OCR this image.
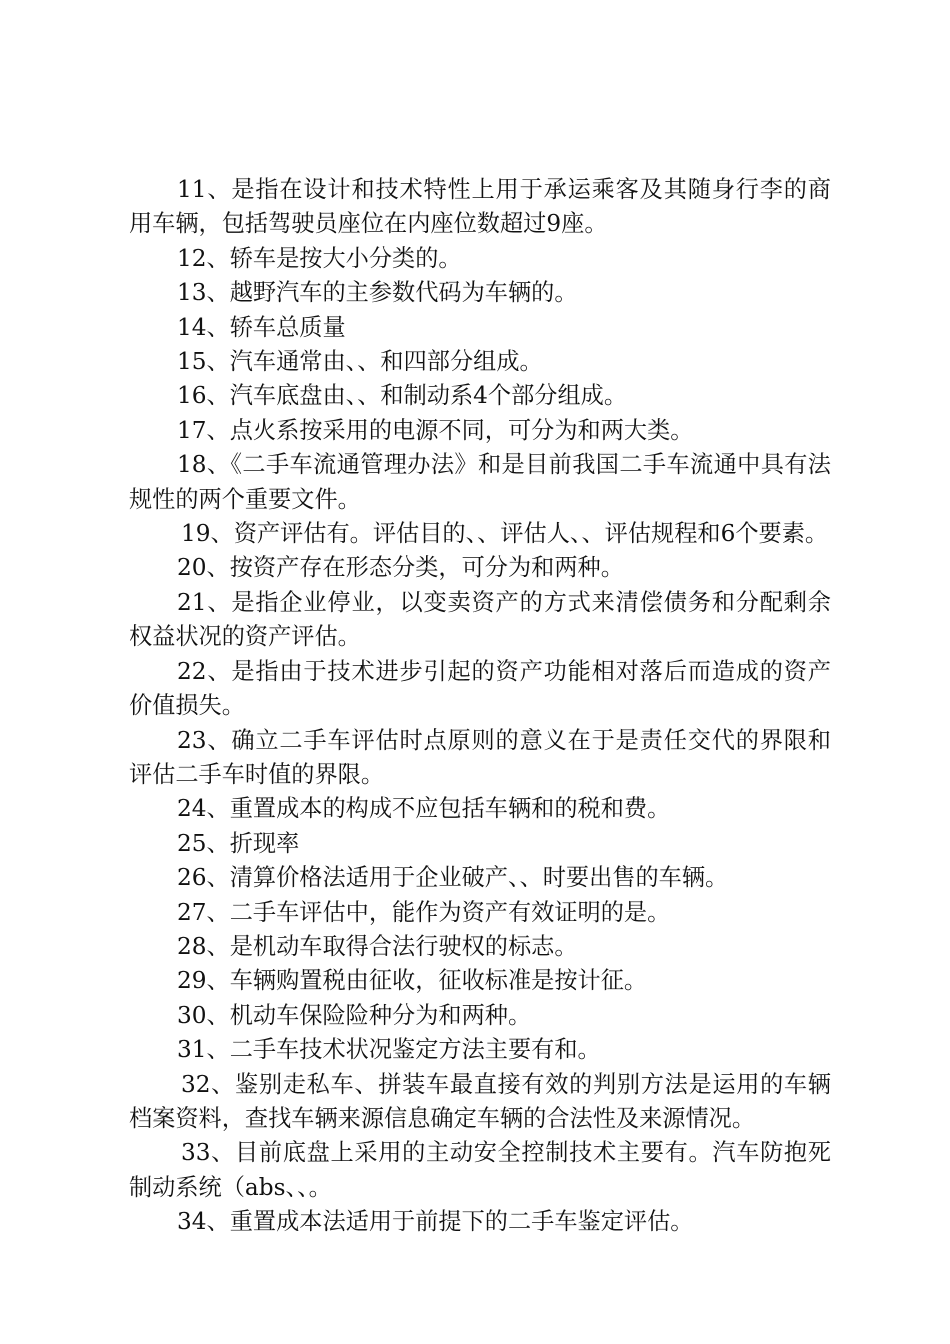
11、是指在设计和技术特性上用于承运乘客及其随身行李的商用车辆，包括驾驶员座位在内座位数超过9座。

12、轿车是按大小分类的。

13、越野汽车的主参数代码为车辆的。

14、轿车总质量

15、汽车通常由、、和四部分组成。

16、汽车底盘由、、和制动系4个部分组成。

17、点火系按采用的电源不同，可分为和两大类。

18、《二手车流通管理办法》和是目前我国二手车流通中具有法规性的两个重要文件。

19、资产评估有。评估目的、、评估人、、评估规程和6个要素。

20、按资产存在形态分类，可分为和两种。

21、是指企业停业，以变卖资产的方式来清偿债务和分配剩余权益状况的资产评估。

22、是指由于技术进步引起的资产功能相对落后而造成的资产价值损失。

23、确立二手车评估时点原则的意义在于是责任交代的界限和评估二手车时值的界限。

24、重置成本的构成不应包括车辆和的税和费。

25、折现率

26、清算价格法适用于企业破产、、时要出售的车辆。

27、二手车评估中，能作为资产有效证明的是。

28、是机动车取得合法行驶权的标志。

29、车辆购置税由征收，征收标准是按计征。

30、机动车保险险种分为和两种。

31、二手车技术状况鉴定方法主要有和。

32、鉴别走私车、拼装车最直接有效的判别方法是运用的车辆档案资料，查找车辆来源信息确定车辆的合法性及来源情况。

33、目前底盘上采用的主动安全控制技术主要有。汽车防抱死制动系统（abs、、。

34、重置成本法适用于前提下的二手车鉴定评估。
